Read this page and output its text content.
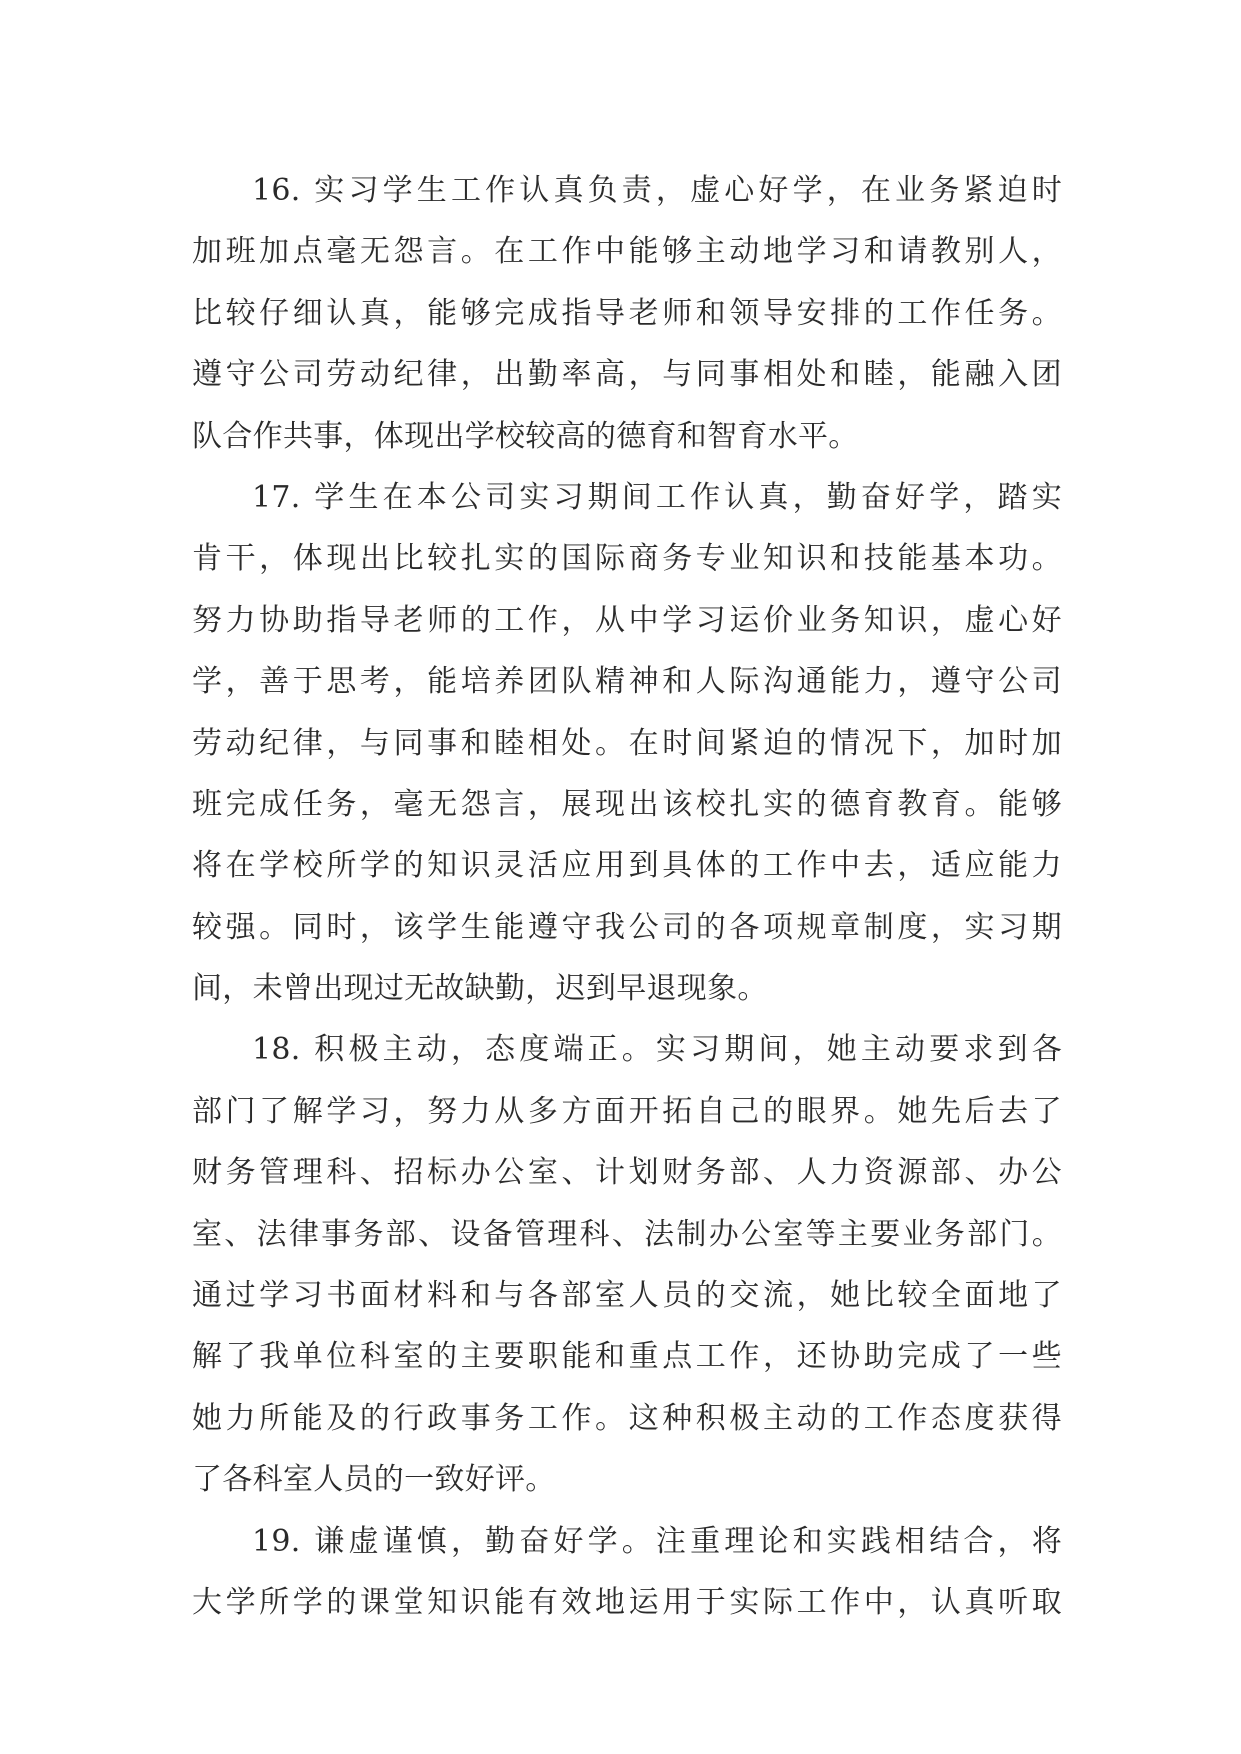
16. 实习学生工作认真负责，虚心好学，在业务紧迫时
加班加点毫无怨言。在工作中能够主动地学习和请教别人，
比较仔细认真，能够完成指导老师和领导安排的工作任务。
遵守公司劳动纪律，出勤率高，与同事相处和睦，能融入团
队合作共事，体现出学校较高的德育和智育水平。
17. 学生在本公司实习期间工作认真，勤奋好学，踏实
肯干，体现出比较扎实的国际商务专业知识和技能基本功。
努力协助指导老师的工作，从中学习运价业务知识，虚心好
学，善于思考，能培养团队精神和人际沟通能力，遵守公司
劳动纪律，与同事和睦相处。在时间紧迫的情况下，加时加
班完成任务，毫无怨言，展现出该校扎实的德育教育。能够
将在学校所学的知识灵活应用到具体的工作中去，适应能力
较强。同时，该学生能遵守我公司的各项规章制度，实习期
间，未曾出现过无故缺勤，迟到早退现象。
18. 积极主动，态度端正。实习期间，她主动要求到各
部门了解学习，努力从多方面开拓自己的眼界。她先后去了
财务管理科、招标办公室、计划财务部、人力资源部、办公
室、法律事务部、设备管理科、法制办公室等主要业务部门。
通过学习书面材料和与各部室人员的交流，她比较全面地了
解了我单位科室的主要职能和重点工作，还协助完成了一些
她力所能及的行政事务工作。这种积极主动的工作态度获得
了各科室人员的一致好评。
19. 谦虚谨慎，勤奋好学。注重理论和实践相结合，将
大学所学的课堂知识能有效地运用于实际工作中，认真听取
